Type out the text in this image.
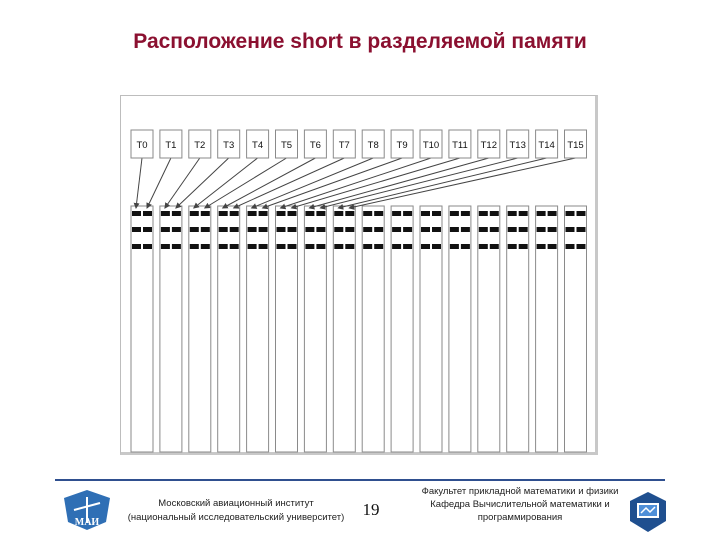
Расположение short в разделяемой памяти
T0 T1 T2 T3 T4 T5 T6 T7 T8 T9 T10 T11 T12 T13 T14 T15
МАИ
Московский авиационный институт
(национальный исследовательский университет)	19
Факультет прикладной математики и физики
Кафедра Вычислительной математики и
программирования
